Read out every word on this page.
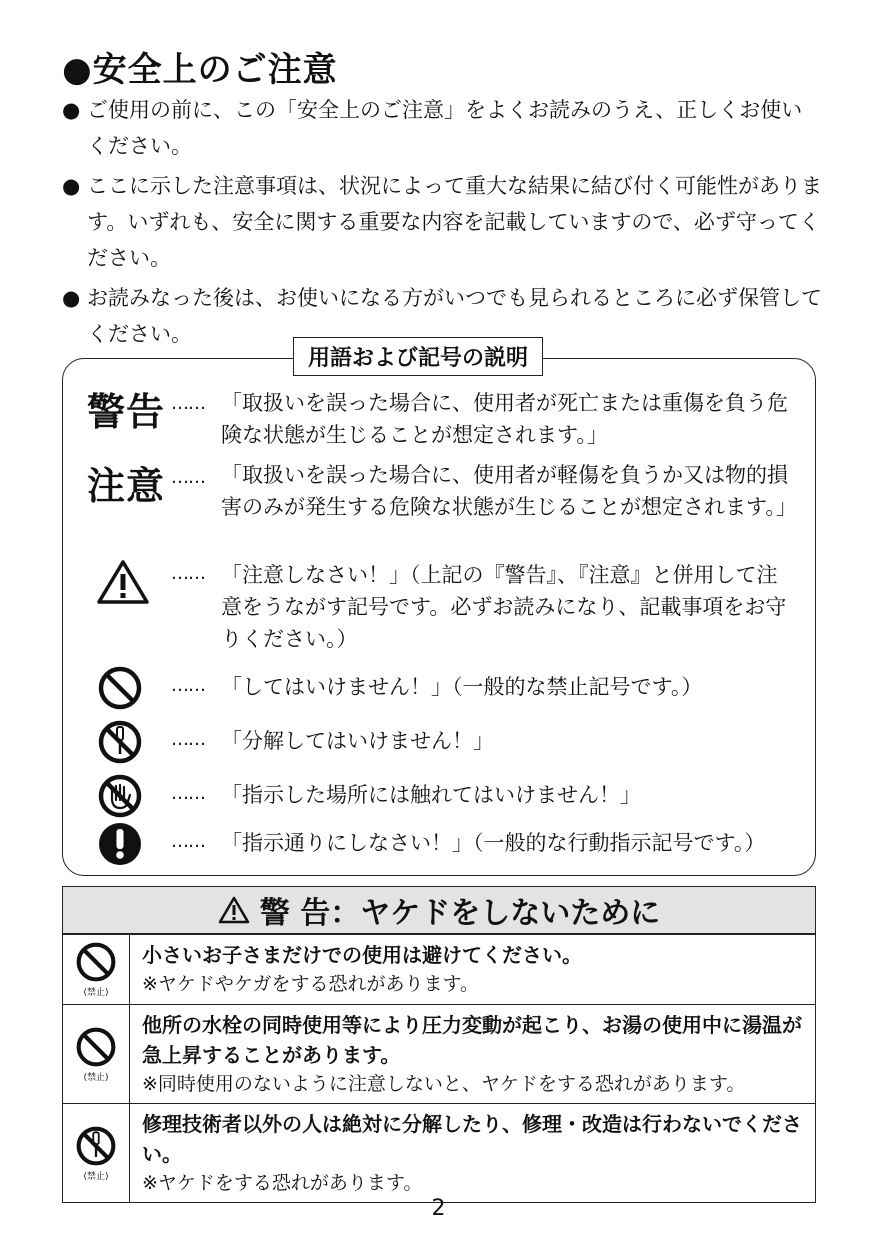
●安全上のご注意

● ご使用の前に、この「安全上のご注意」をよくお読みのうえ、正しくお使いください。

● ここに示した注意事項は、状況によって重大な結果に結び付く可能性があります。いずれも、安全に関する重要な内容を記載していますので、必ず守ってください。

● お読みなった後は、お使いになる方がいつでも見られるところに必ず保管してください。

用語および記号の説明
警告 …… 「取扱いを誤った場合に、使用者が死亡または重傷を負う危険な状態が生じることが想定されます。」
注意 …… 「取扱いを誤った場合に、使用者が軽傷を負うか又は物的損害のみが発生する危険な状態が生じることが想定されます。」
…… 「注意しなさい！」（上記の『警告』、『注意』と併用して注意をうながす記号です。必ずお読みになり、記載事項をお守りください。）
…… 「してはいけません！」（一般的な禁止記号です。）
…… 「分解してはいけません！」
…… 「指示した場所には触れてはいけません！」
…… 「指示通りにしなさい！」（一般的な行動指示記号です。）
警 告：ヤケドをしないために
(禁止)
小さいお子さまだけでの使用は避けてください。
※ヤケドやケガをする恐れがあります。
(禁止)
他所の水栓の同時使用等により圧力変動が起こり、お湯の使用中に湯温が急上昇することがあります。
※同時使用のないように注意しないと、ヤケドをする恐れがあります。
(禁止)
修理技術者以外の人は絶対に分解したり、修理・改造は行わないでください。
※ヤケドをする恐れがあります。
2
